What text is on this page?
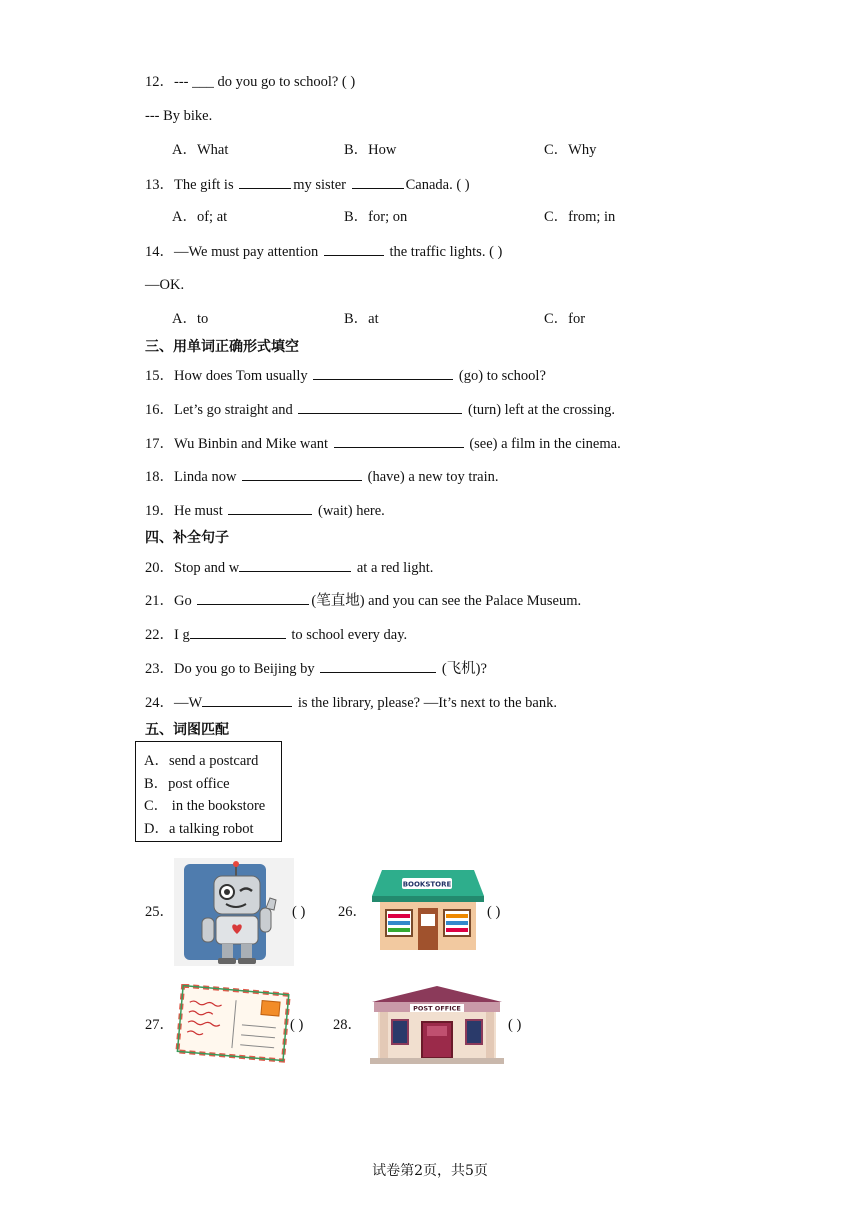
12．--- ___ do you go to school? ( )
--- By bike.
A．What	B．How	C．Why
13．The gift is	my sister	Canada. ( )
A．of; at	B．for; on	C．from; in
14．—We must pay attention	the traffic lights. ( )
—OK.
A．to	B．at	C．for
三、用单词正确形式填空
15．How does Tom usually	(go) to school?
16．Let’s go straight and	(turn) left at the crossing.
17．Wu Binbin and Mike want	(see) a film in the cinema.
18．Linda now	(have) a new toy train.
19．He must	(wait) here.
四、补全句子
20．Stop and w	at a red light.
21．Go	(笔直地) and you can see the Palace Museum.
22．I g	to school every day.
23．Do you go to Beijing by	(飞机)?
24．—W	is the library, please? —It’s next to the bank.
五、词图匹配
A．send a postcard
B．post office
C． in the bookstore
D．a talking robot
25．	( ) 26．
BOOKSTORE
( )
27．	( ) 28．
POST OFFICE
( )
试卷第2页，共5页
